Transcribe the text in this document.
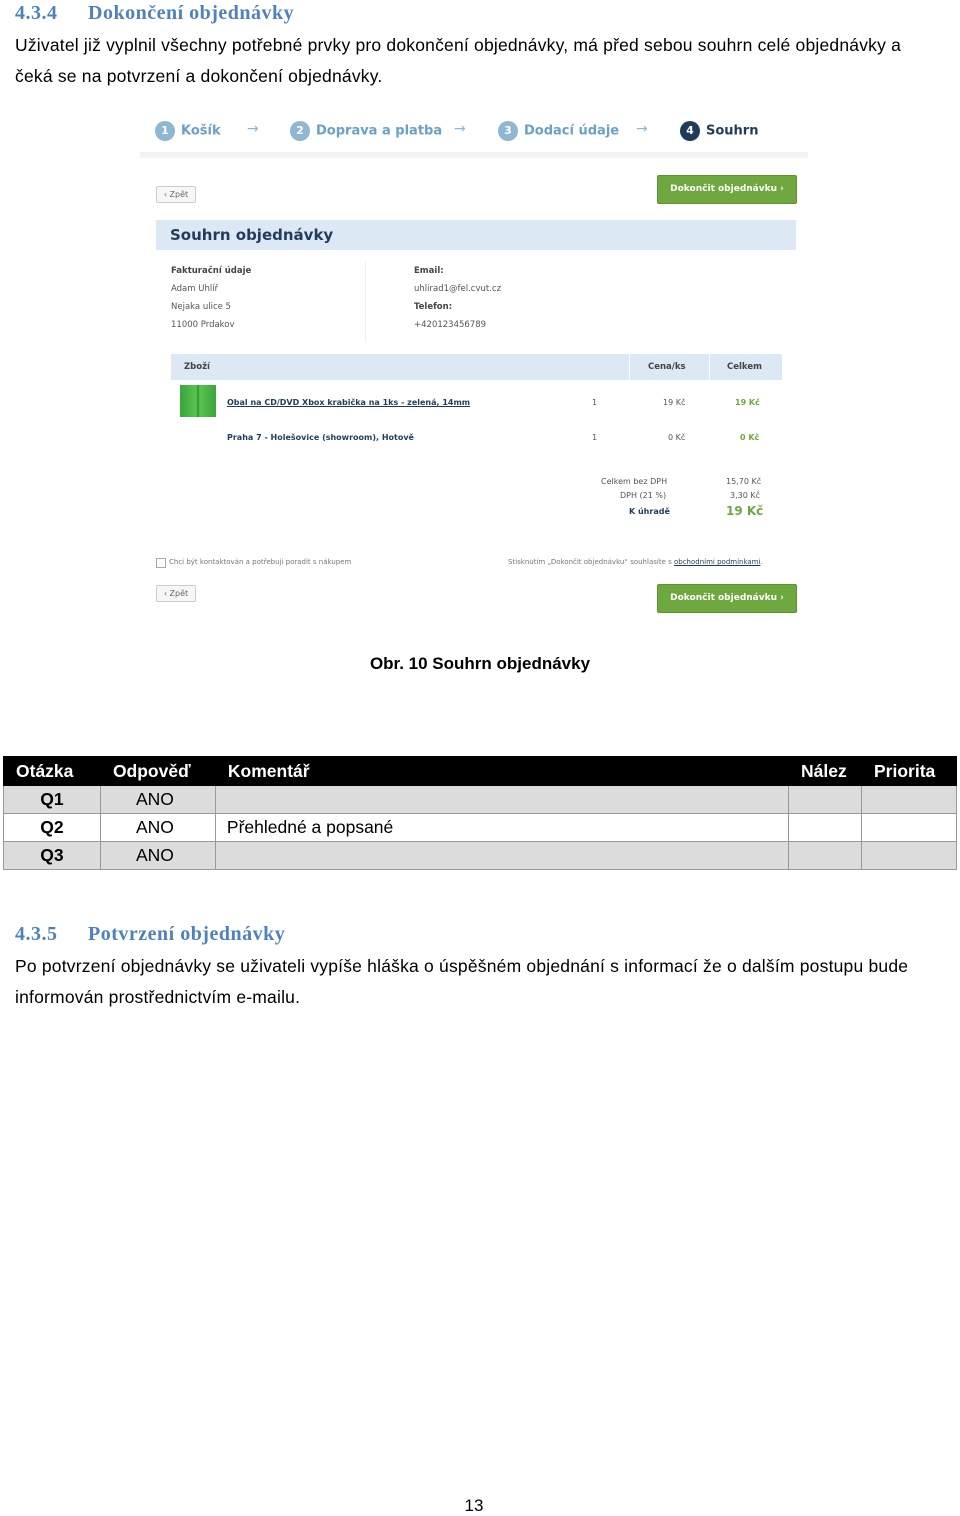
4.3.4 Dokončení objednávky

Uživatel již vyplnil všechny potřebné prvky pro dokončení objednávky, má před sebou souhrn celé objednávky a čeká se na potvrzení a dokončení objednávky.

1 Košík →	2 Doprava a platba →	3 Dodací údaje →	4 Souhrn
‹ Zpět
Dokončit objednávku ›
Souhrn objednávky
Fakturační údaje
Adam Uhlíř
Nejaka ulice 5
11000 Prdakov
Email:
uhlirad1@fel.cvut.cz
Telefon:
+420123456789
Zboží	Cena/ks	Celkem
Obal na CD/DVD Xbox krabička na 1ks - zelená, 14mm	1	19 Kč	19 Kč
Praha 7 - Holešovice (showroom), Hotově	1	0 Kč	0 Kč
Celkem bez DPH	15,70 Kč
DPH (21 %)	3,30 Kč
K úhradě	19 Kč
Chci být kontaktován a potřebuji poradit s nákupem	Stisknutím „Dokončit objednávku“ souhlasíte s obchodními podmínkami.
‹ Zpět	Dokončit objednávku ›
Obr. 10 Souhrn objednávky
Otázka	Odpověď	Komentář	Nález	Priorita
Q1	ANO			
Q2	ANO	Přehledné a popsané		
Q3	ANO			
4.3.5 Potvrzení objednávky

Po potvrzení objednávky se uživateli vypíše hláška o úspěšném objednání s informací že o dalším postupu bude informován prostřednictvím e-mailu.

13
